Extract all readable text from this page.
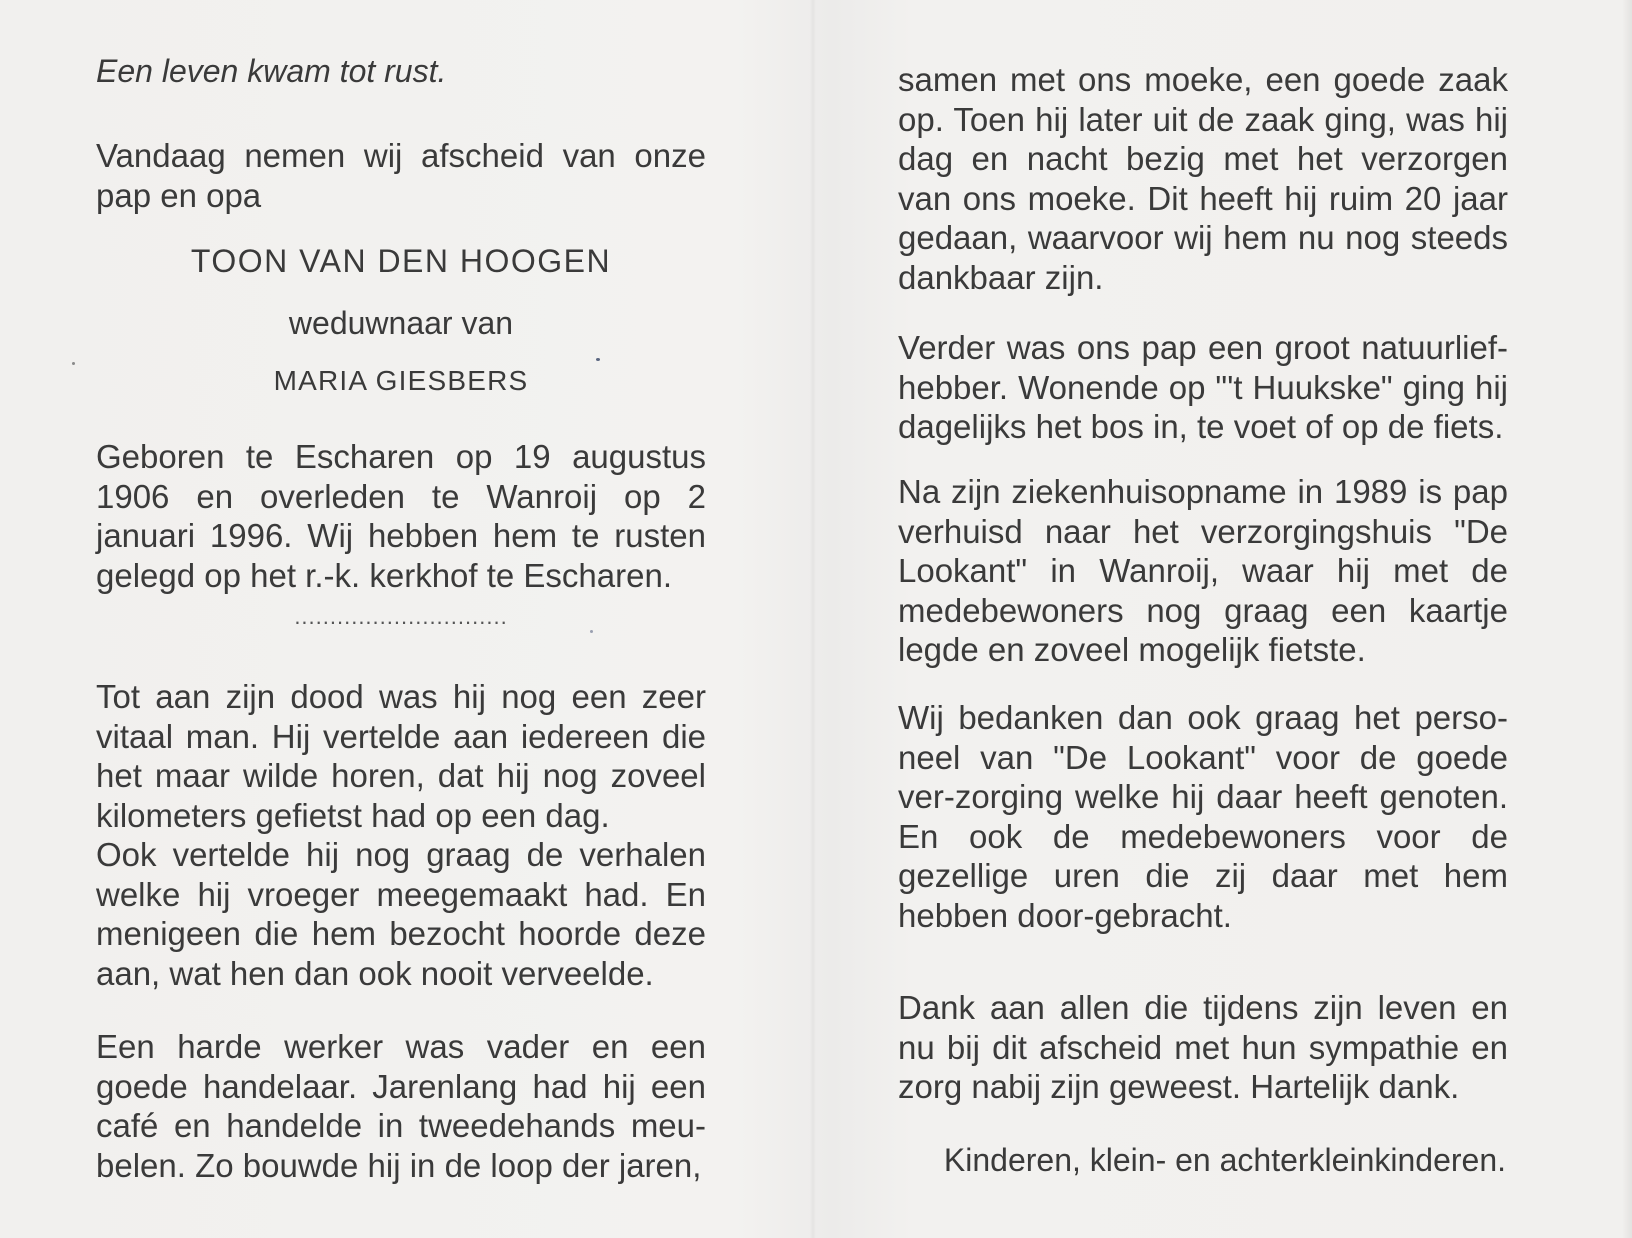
Een leven kwam tot rust.

Vandaag nemen wij afscheid van onze pap en opa

TOON VAN DEN HOOGEN

weduwnaar van

MARIA GIESBERS

Geboren te Escharen op 19 augustus 1906 en overleden te Wanroij op 2 januari 1996. Wij hebben hem te rusten gelegd op het r.-k. kerkhof te Escharen.

..............................

Tot aan zijn dood was hij nog een zeer vitaal man. Hij vertelde aan iedereen die het maar wilde horen, dat hij nog zoveel kilometers gefietst had op een dag.

Ook vertelde hij nog graag de verhalen welke hij vroeger meegemaakt had. En menigeen die hem bezocht hoorde deze aan, wat hen dan ook nooit verveelde.

Een harde werker was vader en een goede handelaar. Jarenlang had hij een café en handelde in tweedehands meu-belen. Zo bouwde hij in de loop der jaren,

samen met ons moeke, een goede zaak op. Toen hij later uit de zaak ging, was hij dag en nacht bezig met het verzorgen van ons moeke. Dit heeft hij ruim 20 jaar gedaan, waarvoor wij hem nu nog steeds dankbaar zijn.

Verder was ons pap een groot natuurlief-hebber. Wonende op "'t Huukske" ging hij dagelijks het bos in, te voet of op de fiets.

Na zijn ziekenhuisopname in 1989 is pap verhuisd naar het verzorgingshuis "De Lookant" in Wanroij, waar hij met de medebewoners nog graag een kaartje legde en zoveel mogelijk fietste.

Wij bedanken dan ook graag het perso-neel van "De Lookant" voor de goede ver-zorging welke hij daar heeft genoten. En ook de medebewoners voor de gezellige uren die zij daar met hem hebben door-gebracht.

Dank aan allen die tijdens zijn leven en nu bij dit afscheid met hun sympathie en zorg nabij zijn geweest. Hartelijk dank.

Kinderen, klein- en achterkleinkinderen.
